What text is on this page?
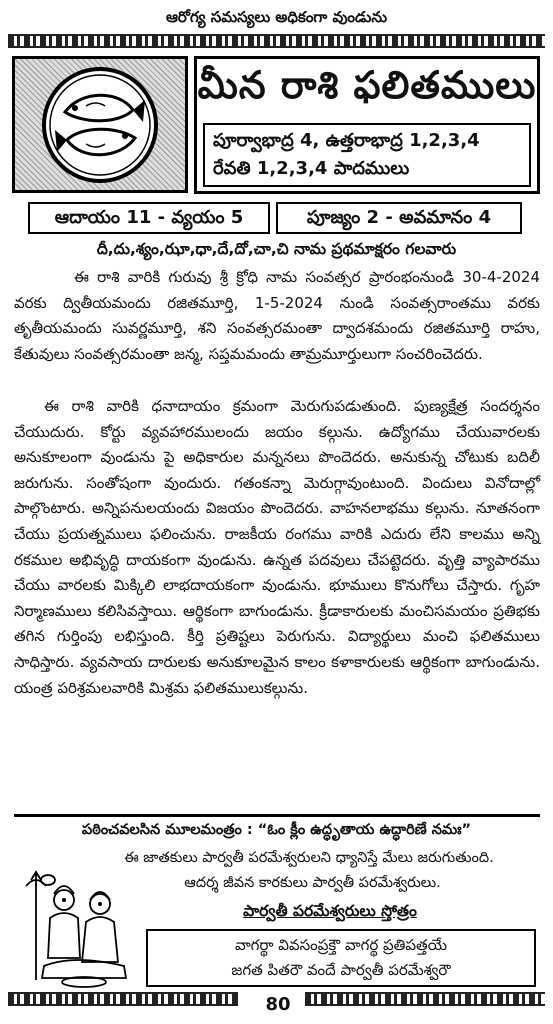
ఆరోగ్య సమస్యలు అధికంగా వుండును
మీన రాశి ఫలితములు
పూర్వాభాద్ర 4, ఉత్తరాభాద్ర 1,2,3,4
రేవతి 1,2,3,4 పాదములు
ఆదాయం 11 - వ్యయం 5	పూజ్యం 2 - అవమానం 4
దీ,దు,శ్యం,ఝా,ధా,దే,దో,చా,చి నామ ప్రథమాక్షరం గలవారు
ఈ రాశి వారికి గురువు శ్రీ క్రోధి నామ సంవత్సర ప్రారంభంనుండి 30-4-2024 వరకు ద్వితీయమందు రజితమూర్తి, 1-5-2024 నుండి సంవత్సరాంతము వరకు తృతీయమందు సువర్ణమూర్తి, శని సంవత్సరమంతా ద్వాదశమందు రజితమూర్తి రాహు, కేతువులు సంవత్సరమంతా జన్మ, సప్తమమందు తామ్రమూర్తులుగా సంచరించెదరు.
ఈ రాశి వారికి ధనాదాయం క్రమంగా మెరుగుపడుతుంది. పుణ్యక్షేత్ర సందర్శనం చేయుదురు. కోర్టు వ్యవహారములందు జయం కల్గును. ఉద్యోగము చేయువారలకు అనుకూలంగా వుండును పై అధికారుల మన్ననలు పొందెదరు. అనుకున్న చోటుకు బదిలీ జరుగును. సంతోషంగా వుందురు. గతంకన్నా మెరుగ్గావుంటుంది. విందులు వినోదాల్లో పాల్గొంటారు. అన్నిపనులయందు విజయం పొందెదరు. వాహనలాభము కల్గును. నూతనంగా చేయు ప్రయత్నములు ఫలించును. రాజకీయ రంగము వారికి ఎదురు లేని కాలము అన్ని రకముల అభివృద్ధి దాయకంగా వుండును. ఉన్నత పదవులు చేపట్టెదరు. వృత్తి వ్యాపారము చేయు వారలకు మిక్కిలి లాభదాయకంగా వుండును. భూములు కొనుగోలు చేస్తారు. గృహ నిర్మాణములు కలిసివస్తాయి. ఆర్థికంగా బాగుండును. క్రీడాకారులకు మంచిసమయం ప్రతిభకు తగిన గుర్తింపు లభిస్తుంది. కీర్తి ప్రతిష్టలు పెరుగును. విద్యార్థులు మంచి ఫలితములు సాధిస్తారు. వ్యవసాయ దారులకు అనుకూలమైన కాలం కళాకారులకు ఆర్థికంగా బాగుండును. యంత్ర పరిశ్రమలవారికి మిశ్రమ ఫలితములుకల్గును.
పఠించవలసిన మూలమంత్రం : “ఓం క్లీం ఉద్ధృతాయ ఉద్ధారిణే నమః”
ఈ జాతకులు పార్వతీ పరమేశ్వరులని ధ్యానిస్తే మేలు జరుగుతుంది.
ఆదర్శ జీవన కారకులు పార్వతీ పరమేశ్వరులు.
పార్వతీ పరమేశ్వరులు స్తోత్రం
వాగర్థా వివసంప్రక్తౌ వాగర్థ ప్రతిపత్తయే
జగత పితరౌ వందే పార్వతీ పరమేశ్వరౌ
80
